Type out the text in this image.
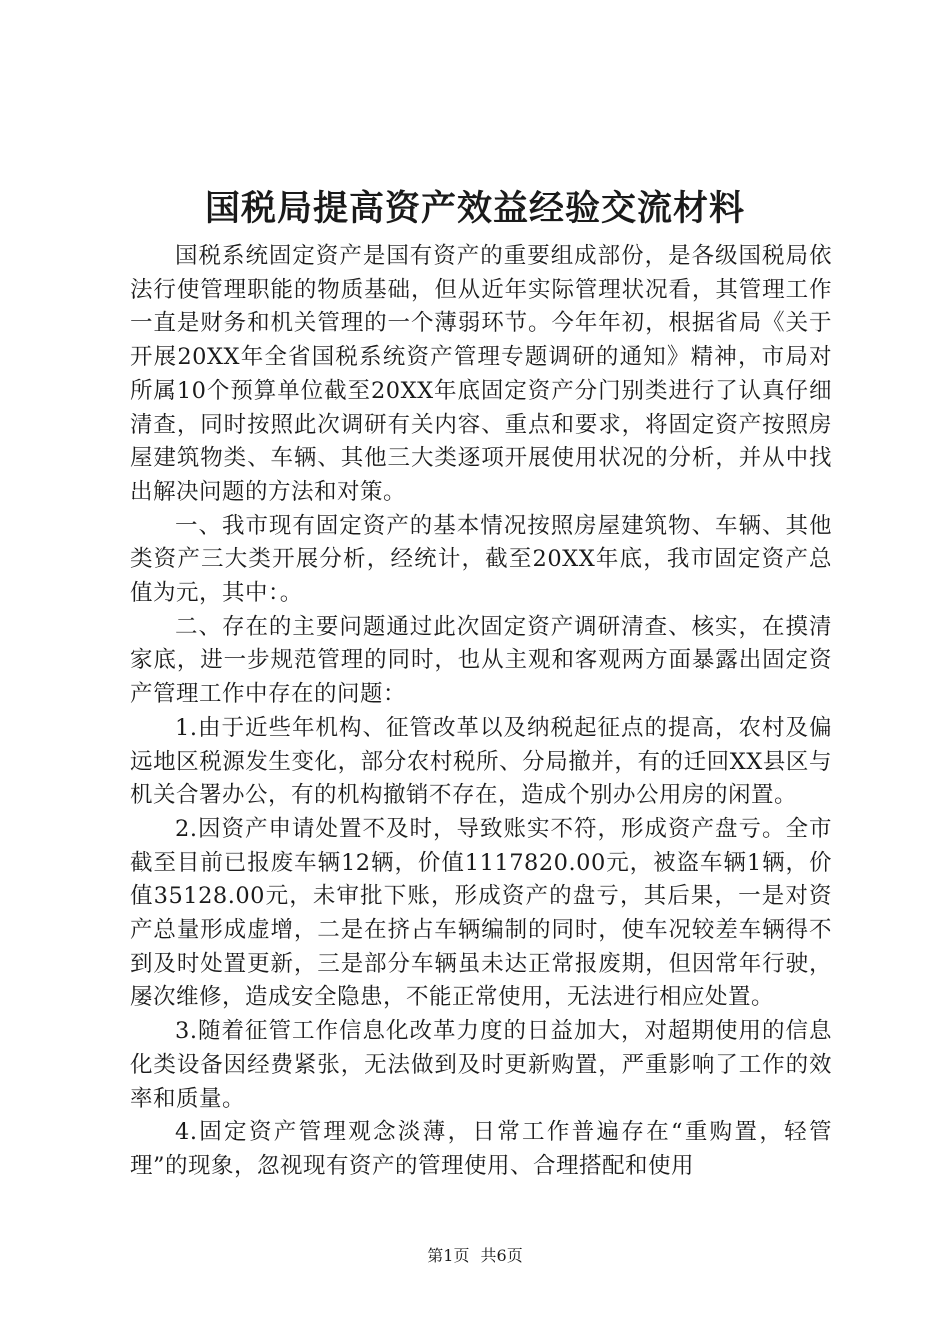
国税局提高资产效益经验交流材料

国税系统固定资产是国有资产的重要组成部份，是各级国税局依法行使管理职能的物质基础，但从近年实际管理状况看，其管理工作一直是财务和机关管理的一个薄弱环节。今年年初，根据省局《关于开展20XX年全省国税系统资产管理专题调研的通知》精神，市局对所属10个预算单位截至20XX年底固定资产分门别类进行了认真仔细清查，同时按照此次调研有关内容、重点和要求，将固定资产按照房屋建筑物类、车辆、其他三大类逐项开展使用状况的分析，并从中找出解决问题的方法和对策。

一、我市现有固定资产的基本情况按照房屋建筑物、车辆、其他类资产三大类开展分析，经统计，截至20XX年底，我市固定资产总值为元，其中：。

二、存在的主要问题通过此次固定资产调研清查、核实，在摸清家底，进一步规范管理的同时，也从主观和客观两方面暴露出固定资产管理工作中存在的问题：

1.由于近些年机构、征管改革以及纳税起征点的提高，农村及偏远地区税源发生变化，部分农村税所、分局撤并，有的迁回XX县区与机关合署办公，有的机构撤销不存在，造成个别办公用房的闲置。

2.因资产申请处置不及时，导致账实不符，形成资产盘亏。全市截至目前已报废车辆12辆，价值1117820.00元，被盗车辆1辆，价值35128.00元，未审批下账，形成资产的盘亏，其后果，一是对资产总量形成虚增，二是在挤占车辆编制的同时，使车况较差车辆得不到及时处置更新，三是部分车辆虽未达正常报废期，但因常年行驶，屡次维修，造成安全隐患，不能正常使用，无法进行相应处置。

3.随着征管工作信息化改革力度的日益加大，对超期使用的信息化类设备因经费紧张，无法做到及时更新购置，严重影响了工作的效率和质量。

4.固定资产管理观念淡薄，日常工作普遍存在“重购置，轻管理”的现象，忽视现有资产的管理使用、合理搭配和使用

第1页 共6页
